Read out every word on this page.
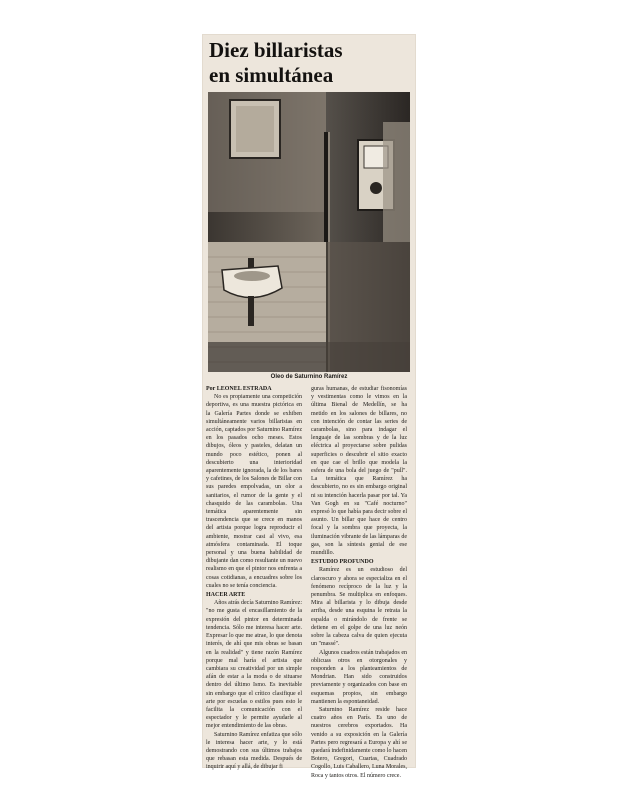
Diez billaristas
en simultánea
Oleo de Saturnino Ramírez

Por LEONEL ESTRADA

No es propiamente una competición deportiva, es una muestra pictórica en la Galería Partes donde se exhiben simultáneamente varios billaristas en acción, captados por Saturnino Ramírez en los pasados ocho meses. Estos dibujos, óleos y pasteles, delatan un mundo poco estético, ponen al descubierto una interioridad aparentemente ignorada, la de los bares y cafetines, de los Salones de Billar con sus paredes empolvadas, un olor a sanitarios, el rumor de la gente y el chasquido de las carambolas. Una temática aparentemente sin trascendencia que se crece en manos del artista porque logra reproducir el ambiente, mostrar casi al vivo, esa atmósfera contaminada. El toque personal y una buena habilidad de dibujante dan como resultante un nuevo realismo en que el pintor nos enfrenta a cosas cotidianas, a encuadres sobre los cuales no se tenía conciencia.

HACER ARTE

Años atrás decía Saturnino Ramírez: "no me gusta el encasillamiento de la expresión del pintor en determinada tendencia. Sólo me interesa hacer arte. Expresar lo que me atrae, lo que denota interés, de ahí que mis obras se basan en la realidad" y tiene razón Ramírez porque mal haría el artista que cambiara su creatividad por un simple afán de estar a la moda o de situarse dentro del último Ismo. Es inevitable sin embargo que el crítico clasifique el arte por escuelas o estilos pues esto le facilita la comunicación con el espectador y le permite ayudarle al mejor entendimiento de las obras.

Saturnino Ramírez enfatiza que sólo le interesa hacer arte, y lo está demostrando con sus últimos trabajos que rebasan esta medida. Después de inquirir aquí y allá, de dibujar fi

guras humanas, de estudiar fisonomías y vestimentas como le vimos en la última Bienal de Medellín, se ha metido en los salones de billares, no con intención de contar las series de carambolas, sino para indagar el lenguaje de las sombras y de la luz eléctrica al proyectarse sobre pulidas superficies o descubrir el sitio exacto en que cae el brillo que modela la esfera de una bola del juego de "pull". La temática que Ramírez ha descubierto, no es sin embargo original ni su intención hacerla pasar por tal. Ya Van Gogh en su "Café nocturno" expresó lo que había para decir sobre el asunto. Un billar que hace de centro focal y la sombra que proyecta, la iluminación vibrante de las lámparas de gas, son la síntesis genial de ese mundillo.

ESTUDIO PROFUNDO

Ramírez es un estudioso del claroscuro y ahora se especializa en el fenómeno recíproco de la luz y la penumbra. Se multiplica en enfoques. Mira al billarista y lo dibuja desde arriba, desde una esquina le retrata la espalda o mirándolo de frente se detiene en el golpe de una luz neón sobre la cabeza calva de quien ejecuta un "massé".

Algunos cuadros están trabajados en oblicuas otros en otorgonales y responden a los planteamientos de Mondrian. Han sido construidos previamente y organizados con base en esquemas propios, sin embargo mantienen la espontaneidad.

Saturnino Ramírez reside hace cuatro años en París. Es uno de nuestros cerebros exportados. Ha venido a su exposición en la Galería Partes pero regresará a Europa y ahí se quedará indefinidamente como lo hacen Botero, Gregori, Cuartas, Cuadrado Cogollo, Luis Caballero, Luna Morales, Roca y tantos otros. El número crece.
